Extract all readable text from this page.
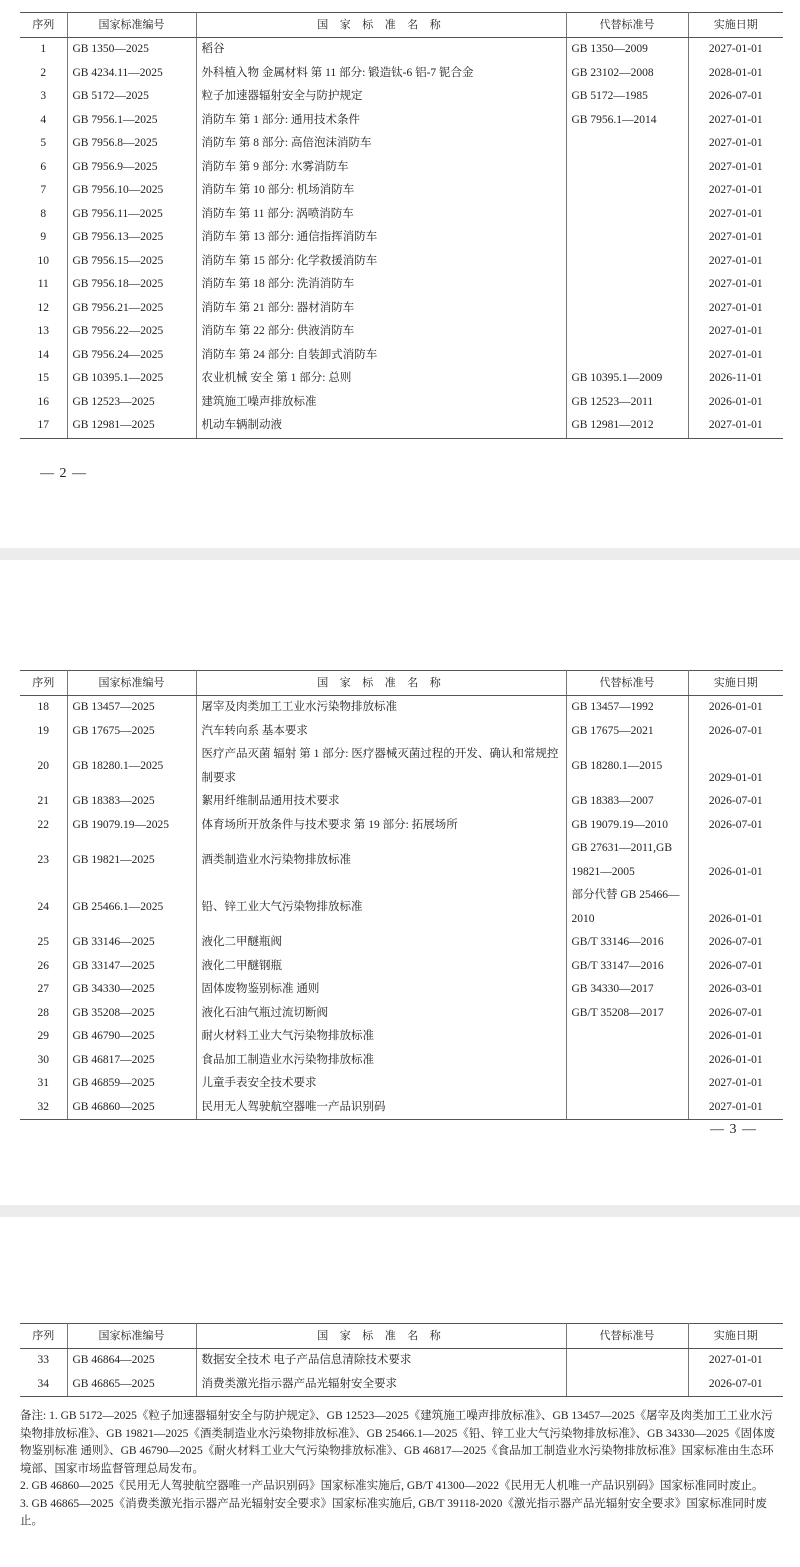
序列	国家标准编号	国 家 标 准 名 称	代替标准号	实施日期
1	GB 1350—2025	稻谷	GB 1350—2009	2027-01-01
2	GB 4234.11—2025	外科植入物 金属材料 第 11 部分: 锻造钛-6 铝-7 铌合金	GB 23102—2008	2028-01-01
3	GB 5172—2025	粒子加速器辐射安全与防护规定	GB 5172—1985	2026-07-01
4	GB 7956.1—2025	消防车 第 1 部分: 通用技术条件	GB 7956.1—2014	2027-01-01
5	GB 7956.8—2025	消防车 第 8 部分: 高倍泡沫消防车		2027-01-01
6	GB 7956.9—2025	消防车 第 9 部分: 水雾消防车		2027-01-01
7	GB 7956.10—2025	消防车 第 10 部分: 机场消防车		2027-01-01
8	GB 7956.11—2025	消防车 第 11 部分: 涡喷消防车		2027-01-01
9	GB 7956.13—2025	消防车 第 13 部分: 通信指挥消防车		2027-01-01
10	GB 7956.15—2025	消防车 第 15 部分: 化学救援消防车		2027-01-01
11	GB 7956.18—2025	消防车 第 18 部分: 洗消消防车		2027-01-01
12	GB 7956.21—2025	消防车 第 21 部分: 器材消防车		2027-01-01
13	GB 7956.22—2025	消防车 第 22 部分: 供液消防车		2027-01-01
14	GB 7956.24—2025	消防车 第 24 部分: 自装卸式消防车		2027-01-01
15	GB 10395.1—2025	农业机械 安全 第 1 部分: 总则	GB 10395.1—2009	2026-11-01
16	GB 12523—2025	建筑施工噪声排放标准	GB 12523—2011	2026-01-01
17	GB 12981—2025	机动车辆制动液	GB 12981—2012	2027-01-01
— 2 —
序列	国家标准编号	国 家 标 准 名 称	代替标准号	实施日期
18	GB 13457—2025	屠宰及肉类加工工业水污染物排放标准	GB 13457—1992	2026-01-01
19	GB 17675—2025	汽车转向系 基本要求	GB 17675—2021	2026-07-01
20	GB 18280.1—2025	医疗产品灭菌 辐射 第 1 部分: 医疗器械灭菌过程的开发、确认和常规控制要求	GB 18280.1—2015	2029-01-01
21	GB 18383—2025	絮用纤维制品通用技术要求	GB 18383—2007	2026-07-01
22	GB 19079.19—2025	体育场所开放条件与技术要求 第 19 部分: 拓展场所	GB 19079.19—2010	2026-07-01
23	GB 19821—2025	酒类制造业水污染物排放标准	GB 27631—2011,GB 19821—2005	2026-01-01
24	GB 25466.1—2025	铅、锌工业大气污染物排放标准	部分代替 GB 25466—2010	2026-01-01
25	GB 33146—2025	液化二甲醚瓶阀	GB/T 33146—2016	2026-07-01
26	GB 33147—2025	液化二甲醚钢瓶	GB/T 33147—2016	2026-07-01
27	GB 34330—2025	固体废物鉴别标准 通则	GB 34330—2017	2026-03-01
28	GB 35208—2025	液化石油气瓶过流切断阀	GB/T 35208—2017	2026-07-01
29	GB 46790—2025	耐火材料工业大气污染物排放标准		2026-01-01
30	GB 46817—2025	食品加工制造业水污染物排放标准		2026-01-01
31	GB 46859—2025	儿童手表安全技术要求		2027-01-01
32	GB 46860—2025	民用无人驾驶航空器唯一产品识别码		2027-01-01
— 3 —
序列	国家标准编号	国 家 标 准 名 称	代替标准号	实施日期
33	GB 46864—2025	数据安全技术 电子产品信息清除技术要求		2027-01-01
34	GB 46865—2025	消费类激光指示器产品光辐射安全要求		2026-07-01

备注: 1. GB 5172—2025《粒子加速器辐射安全与防护规定》、GB 12523—2025《建筑施工噪声排放标准》、GB 13457—2025《屠宰及肉类加工工业水污染物排放标准》、GB 19821—2025《酒类制造业水污染物排放标准》、GB 25466.1—2025《铅、锌工业大气污染物排放标准》、GB 34330—2025《固体废物鉴别标准 通则》、GB 46790—2025《耐火材料工业大气污染物排放标准》、GB 46817—2025《食品加工制造业水污染物排放标准》国家标准由生态环境部、国家市场监督管理总局发布。

2. GB 46860—2025《民用无人驾驶航空器唯一产品识别码》国家标准实施后, GB/T 41300—2022《民用无人机唯一产品识别码》国家标准同时废止。

3. GB 46865—2025《消费类激光指示器产品光辐射安全要求》国家标准实施后, GB/T 39118-2020《激光指示器产品光辐射安全要求》国家标准同时废止。
